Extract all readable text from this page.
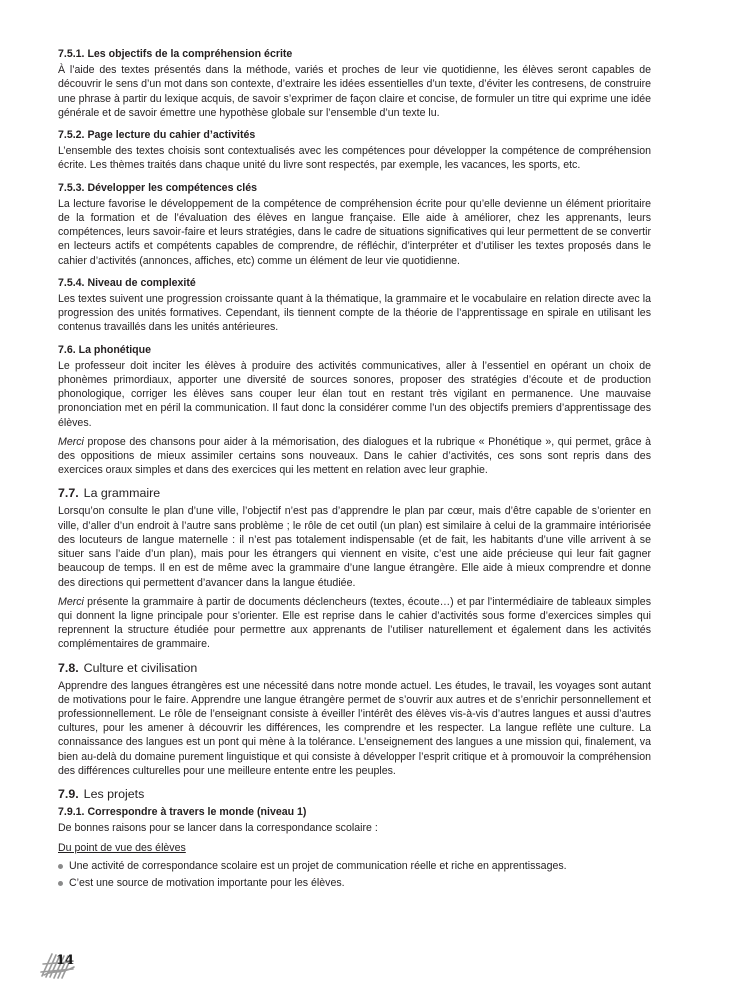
7.5.1. Les objectifs de la compréhension écrite

À l’aide des textes présentés dans la méthode, variés et proches de leur vie quotidienne, les élèves seront capables de découvrir le sens d’un mot dans son contexte, d’extraire les idées essentielles d’un texte, d’éviter les contresens, de construire une phrase à partir du lexique acquis, de savoir s’exprimer de façon claire et concise, de formuler un titre qui exprime une idée générale et de savoir émettre une hypothèse globale sur l’ensemble d’un texte lu.

7.5.2. Page lecture du cahier d’activités

L’ensemble des textes choisis sont contextualisés avec les compétences pour développer la compétence de compréhension écrite. Les thèmes traités dans chaque unité du livre sont respectés, par exemple, les vacances, les sports, etc.

7.5.3. Développer les compétences clés

La lecture favorise le développement de la compétence de compréhension écrite pour qu’elle devienne un élément prioritaire de la formation et de l’évaluation des élèves en langue française. Elle aide à améliorer, chez les apprenants, leurs compétences, leurs savoir-faire et leurs stratégies, dans le cadre de situations significatives qui leur permettent de se convertir en lecteurs actifs et compétents capables de comprendre, de réfléchir, d’interpréter et d’utiliser les textes proposés dans le cahier d’activités (annonces, affiches, etc) comme un élément de leur vie quotidienne.

7.5.4. Niveau de complexité

Les textes suivent une progression croissante quant à la thématique, la grammaire et le vocabulaire en relation directe avec la progression des unités formatives. Cependant, ils tiennent compte de la théorie de l’apprentissage en spirale en utilisant les contenus travaillés dans les unités antérieures.

7.6. La phonétique

Le professeur doit inciter les élèves à produire des activités communicatives, aller à l’essentiel en opérant un choix de phonèmes primordiaux, apporter une diversité de sources sonores, proposer des stratégies d’écoute et de production phonologique, corriger les élèves sans couper leur élan tout en restant très vigilant en permanence. Une mauvaise prononciation met en péril la communication. Il faut donc la considérer comme l’un des objectifs premiers d’apprentissage des élèves.

Merci propose des chansons pour aider à la mémorisation, des dialogues et la rubrique « Phonétique », qui permet, grâce à des oppositions de mieux assimiler certains sons nouveaux. Dans le cahier d’activités, ces sons sont repris dans des exercices oraux simples et dans des exercices qui les mettent en relation avec leur graphie.

7.7. La grammaire

Lorsqu’on consulte le plan d’une ville, l’objectif n’est pas d’apprendre le plan par cœur, mais d’être capable de s’orienter en ville, d’aller d’un endroit à l’autre sans problème ; le rôle de cet outil (un plan) est similaire à celui de la grammaire intériorisée des locuteurs de langue maternelle : il n’est pas totalement indispensable (et de fait, les habitants d’une ville arrivent à se situer sans l’aide d’un plan), mais pour les étrangers qui viennent en visite, c’est une aide précieuse qui leur fait gagner beaucoup de temps. Il en est de même avec la grammaire d’une langue étrangère. Elle aide à mieux comprendre et donne des directions qui permettent d’avancer dans la langue étudiée.

Merci présente la grammaire à partir de documents déclencheurs (textes, écoute…) et par l’intermédiaire de tableaux simples qui donnent la ligne principale pour s’orienter. Elle est reprise dans le cahier d’activités sous forme d’exercices simples qui reprennent la structure étudiée pour permettre aux apprenants de l’utiliser naturellement et également dans les activités complémentaires de grammaire.

7.8. Culture et civilisation

Apprendre des langues étrangères est une nécessité dans notre monde actuel. Les études, le travail, les voyages sont autant de motivations pour le faire. Apprendre une langue étrangère permet de s’ouvrir aux autres et de s’enrichir personnellement et professionnellement. Le rôle de l’enseignant consiste à éveiller l’intérêt des élèves vis-à-vis d’autres langues et aussi d’autres cultures, pour les amener à découvrir les différences, les comprendre et les respecter. La langue reflète une culture. La connaissance des langues est un pont qui mène à la tolérance. L’enseignement des langues a une mission qui, finalement, va bien au-delà du domaine purement linguistique et qui consiste à développer l’esprit critique et à promouvoir la compréhension des différences culturelles pour une meilleure entente entre les peuples.

7.9. Les projets
7.9.1. Correspondre à travers le monde (niveau 1)

De bonnes raisons pour se lancer dans la correspondance scolaire :

Du point de vue des élèves
Une activité de correspondance scolaire est un projet de communication réelle et riche en apprentissages.
C’est une source de motivation importante pour les élèves.
14
